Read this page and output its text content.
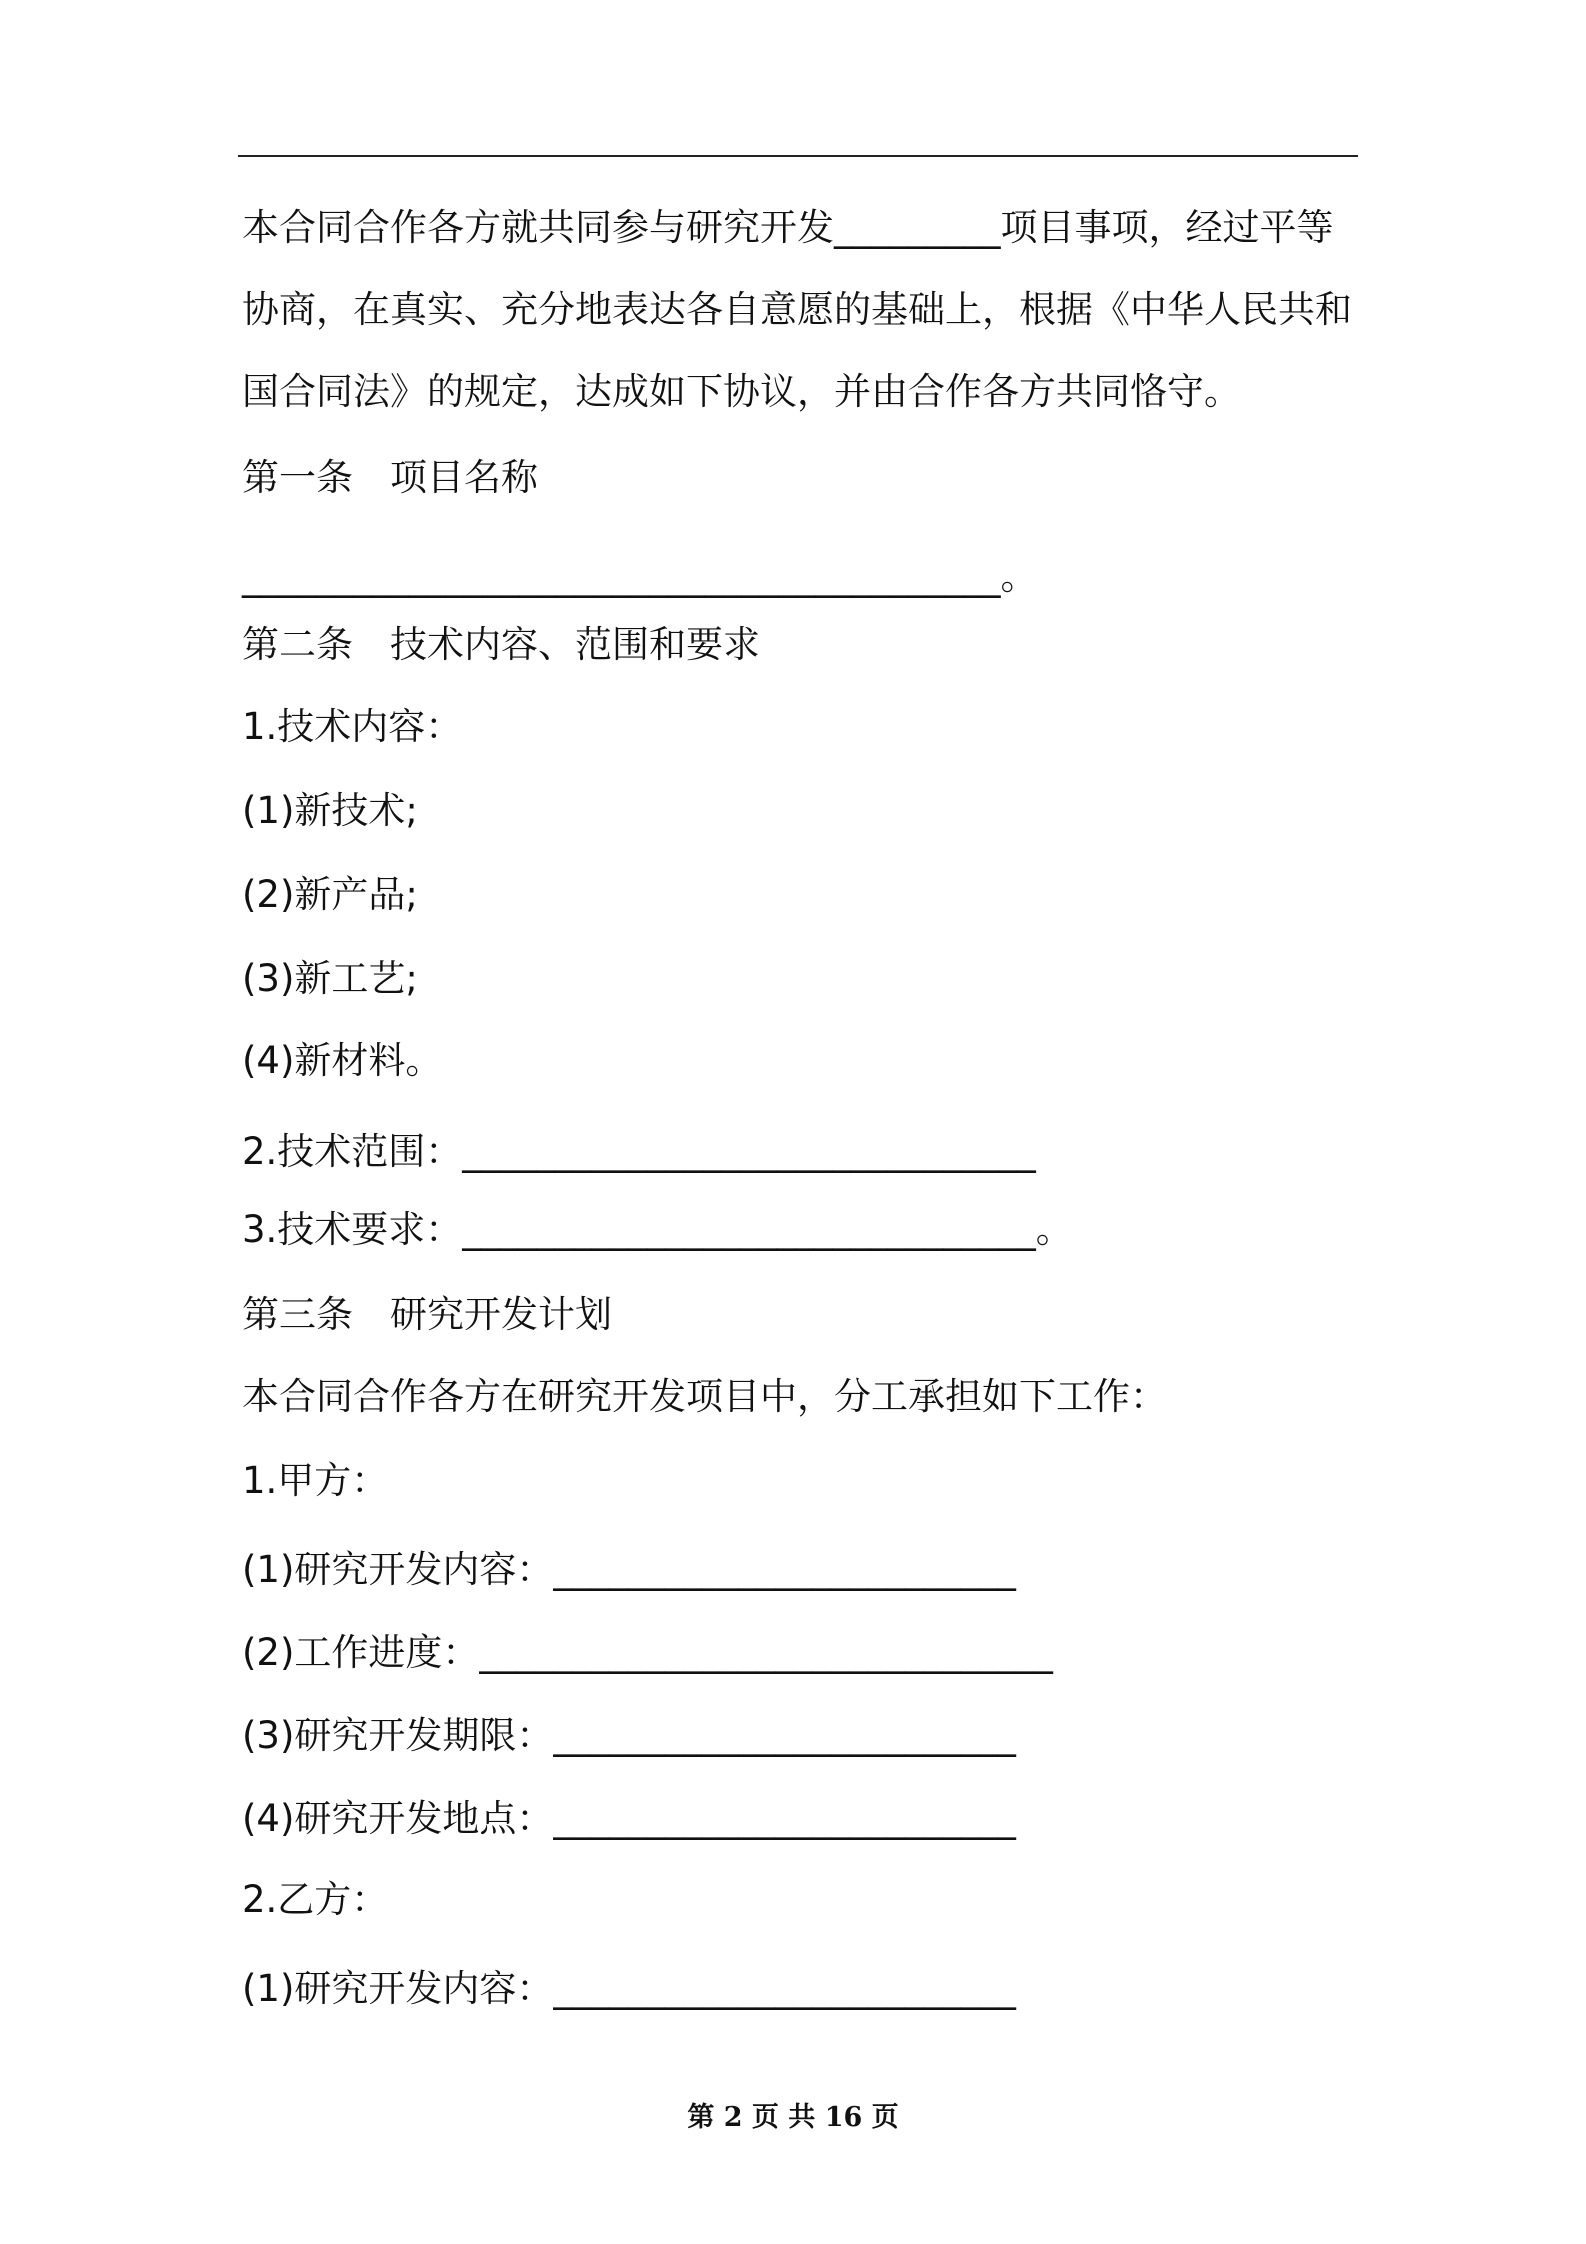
本合同合作各方就共同参与研究开发_________项目事项，经过平等
协商，在真实、充分地表达各自意愿的基础上，根据《中华人民共和
国合同法》的规定，达成如下协议，并由合作各方共同恪守。
第一条　项目名称
_________________________________________。
第二条　技术内容、范围和要求
1.技术内容：
(1)新技术;
(2)新产品;
(3)新工艺;
(4)新材料。
2.技术范围：_______________________________
3.技术要求：_______________________________。
第三条　研究开发计划
本合同合作各方在研究开发项目中，分工承担如下工作：
1.甲方：
(1)研究开发内容：_________________________
(2)工作进度：_______________________________
(3)研究开发期限：_________________________
(4)研究开发地点：_________________________
2.乙方：
(1)研究开发内容：_________________________
第 2 页 共 16 页
